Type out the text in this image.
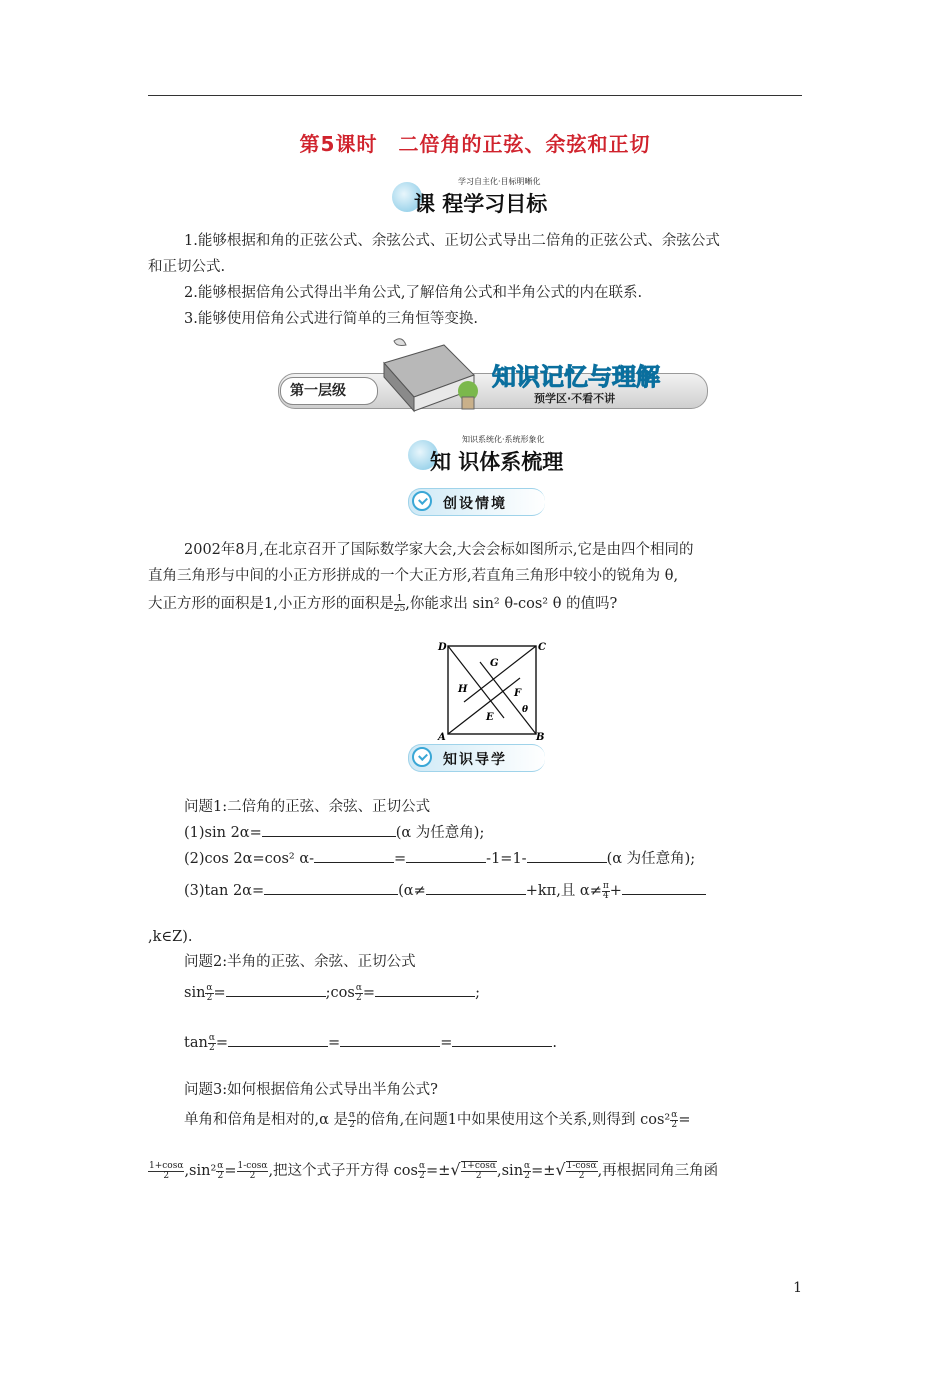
第5课时　二倍角的正弦、余弦和正切
学习自主化·目标明晰化
课 程学习目标
1.能够根据和角的正弦公式、余弦公式、正切公式导出二倍角的正弦公式、余弦公式
和正切公式.
2.能够根据倍角公式得出半角公式,了解倍角公式和半角公式的内在联系.
3.能够使用倍角公式进行简单的三角恒等变换.
第一层级	知识记忆与理解
预学区·不看不讲
知识系统化·系统形象化
知 识体系梳理
创设情境
2002年8月,在北京召开了国际数学家大会,大会会标如图所示,它是由四个相同的
直角三角形与中间的小正方形拼成的一个大正方形,若直角三角形中较小的锐角为 θ,
大正方形的面积是1,小正方形的面积是 $\frac{1}{25}$ ,你能求出 sin² θ-cos² θ 的值吗?
D	C
A	B
G
H	F
E
θ
知识导学
问题1:二倍角的正弦、余弦、正切公式
(1)sin 2α=	(α 为任意角);
(2)cos 2α=cos² α-	=	-1=1-	(α 为任意角);
(3)tan 2α=	(α≠	+kπ,且 $\alpha\ne \frac{\pi}{4}$ +
,k∈Z).
问题2:半角的正弦、余弦、正切公式
$\sin \frac{\alpha}{2}$ =	;cos $\frac{\alpha}{2}$ =	;
$\tan \frac{\alpha}{2}$ =	=	=	.
问题3:如何根据倍角公式导出半角公式?
单角和倍角是相对的,α 是 $\frac{\alpha}{2}$ 的倍角,在问题1中如果使用这个关系,则得到 $\cos^2 \frac{\alpha}{2}$ =
$\frac{1+\cos\alpha}{2} ,\sin^2 \frac{\alpha}{2} = \frac{1-\cos\alpha}{2}$ ,把这个式子开方得 $\cos \frac{\alpha}{2}$ =±√ $\frac{1+\cos\alpha}{2} ,\sin \frac{\alpha}{2}$ =±√ $\frac{1-\cos\alpha}{2}$ ,再根据同角三角函
1
